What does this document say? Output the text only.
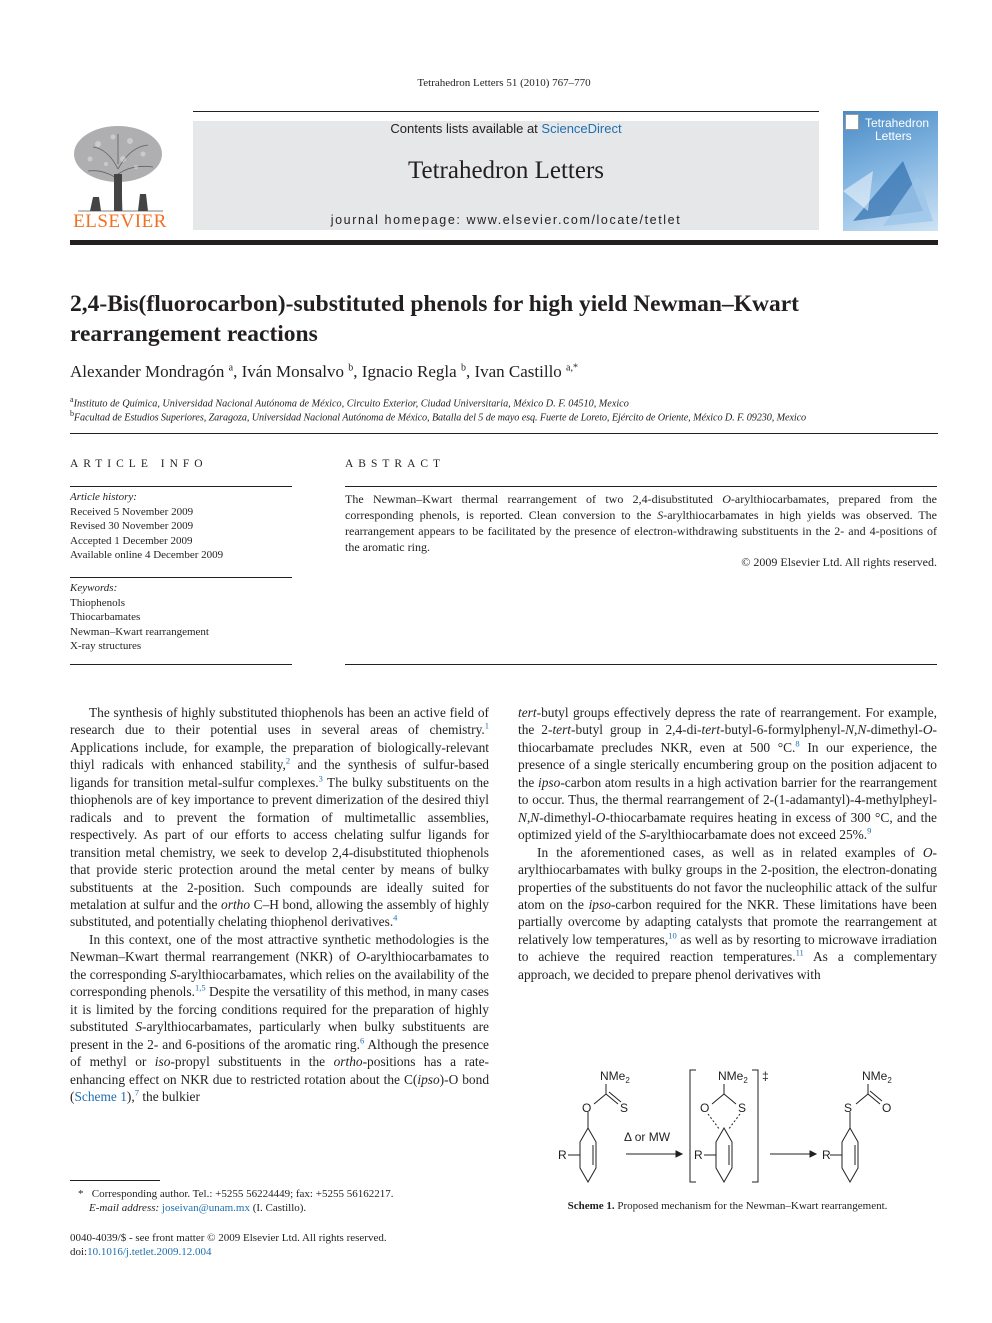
Tetrahedron Letters 51 (2010) 767–770
ELSEVIER
Contents lists available at ScienceDirect
Tetrahedron Letters
journal homepage: www.elsevier.com/locate/tetlet
Tetrahedron
Letters
2,4-Bis(fluorocarbon)-substituted phenols for high yield Newman–Kwart rearrangement reactions
Alexander Mondragón $^a$, Iván Monsalvo $^b$, Ignacio Regla $^b$, Ivan Castillo $^{a,*}$
$^a$Instituto de Química, Universidad Nacional Autónoma de México, Circuito Exterior, Ciudad Universitaria, México D. F. 04510, Mexico
$^b$Facultad de Estudios Superiores, Zaragoza, Universidad Nacional Autónoma de México, Batalla del 5 de mayo esq. Fuerte de Loreto, Ejército de Oriente, México D. F. 09230, Mexico
ARTICLE INFO
Article history:
Received 5 November 2009
Revised 30 November 2009
Accepted 1 December 2009
Available online 4 December 2009
Keywords:
Thiophenols
Thiocarbamates
Newman–Kwart rearrangement
X-ray structures
ABSTRACT
The Newman–Kwart thermal rearrangement of two 2,4-disubstituted O-arylthiocarbamates, prepared from the corresponding phenols, is reported. Clean conversion to the S-arylthiocarbamates in high yields was observed. The rearrangement appears to be facilitated by the presence of electron-withdrawing substituents in the 2- and 4-positions of the aromatic ring.
© 2009 Elsevier Ltd. All rights reserved.

The synthesis of highly substituted thiophenols has been an active field of research due to their potential uses in several areas of chemistry.$^1$ Applications include, for example, the preparation of biologically-relevant thiyl radicals with enhanced stability,$^2$ and the synthesis of sulfur-based ligands for transition metal-sulfur complexes.$^3$ The bulky substituents on the thiophenols are of key importance to prevent dimerization of the desired thiyl radicals and to prevent the formation of multimetallic assemblies, respectively. As part of our efforts to access chelating sulfur ligands for transition metal chemistry, we seek to develop 2,4-disubstituted thiophenols that provide steric protection around the metal center by means of bulky substituents at the 2-position. Such compounds are ideally suited for metalation at sulfur and the ortho C–H bond, allowing the assembly of highly substituted, and potentially chelating thiophenol derivatives.$^4$

In this context, one of the most attractive synthetic methodologies is the Newman–Kwart thermal rearrangement (NKR) of O-arylthiocarbamates to the corresponding S-arylthiocarbamates, which relies on the availability of the corresponding phenols.$^{1,5}$ Despite the versatility of this method, in many cases it is limited by the forcing conditions required for the preparation of highly substituted S-arylthiocarbamates, particularly when bulky substituents are present in the 2- and 6-positions of the aromatic ring.$^6$ Although the presence of methyl or iso-propyl substituents in the ortho-positions has a rate-enhancing effect on NKR due to restricted rotation about the C(ipso)-O bond (Scheme 1),$^7$ the bulkier

tert-butyl groups effectively depress the rate of rearrangement. For example, the 2-tert-butyl group in 2,4-di-tert-butyl-6-formylphenyl-N,N-dimethyl-O-thiocarbamate precludes NKR, even at 500 °C.$^8$ In our experience, the presence of a single sterically encumbering group on the position adjacent to the ipso-carbon atom results in a high activation barrier for the rearrangement to occur. Thus, the thermal rearrangement of 2-(1-adamantyl)-4-methylpheyl-N,N-dimethyl-O-thiocarbamate requires heating in excess of 300 °C, and the optimized yield of the S-arylthiocarbamate does not exceed 25%.$^9$

In the aforementioned cases, as well as in related examples of O-arylthiocarbamates with bulky groups in the 2-position, the electron-donating properties of the substituents do not favor the nucleophilic attack of the sulfur atom on the ipso-carbon required for the NKR. These limitations have been partially overcome by adapting catalysts that promote the rearrangement at relatively low temperatures,$^{10}$ as well as by resorting to microwave irradiation to achieve the required reaction temperatures.$^{11}$ As a complementary approach, we decided to prepare phenol derivatives with

NMe$_2$
O S
R
Δ or MW
NMe$_2$
O S
R
‡	NMe$_2$
S O
R
Scheme 1. Proposed mechanism for the Newman–Kwart rearrangement.
* Corresponding author. Tel.: +5255 56224449; fax: +5255 56162217.
E-mail address: joseivan@unam.mx (I. Castillo).
0040-4039/$ - see front matter © 2009 Elsevier Ltd. All rights reserved.
doi:10.1016/j.tetlet.2009.12.004
